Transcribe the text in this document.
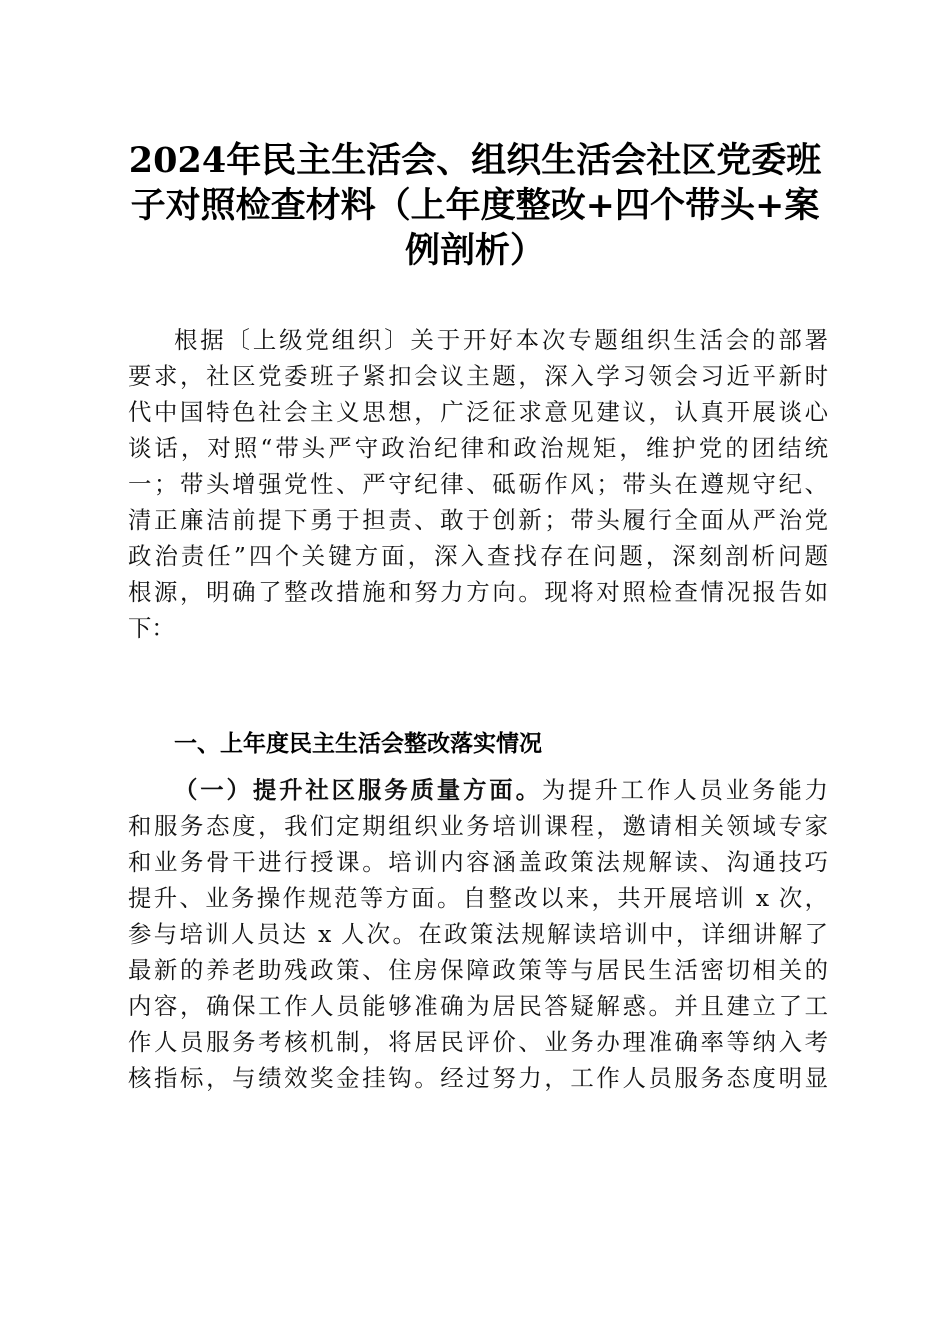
2024年民主生活会、组织生活会社区党委班
子对照检查材料（上年度整改+四个带头+案
例剖析）
根据〔上级党组织〕关于开好本次专题组织生活会的部署
要求，社区党委班子紧扣会议主题，深入学习领会习近平新时
代中国特色社会主义思想，广泛征求意见建议，认真开展谈心
谈话，对照“带头严守政治纪律和政治规矩，维护党的团结统
一；带头增强党性、严守纪律、砥砺作风；带头在遵规守纪、
清正廉洁前提下勇于担责、敢于创新；带头履行全面从严治党
政治责任”四个关键方面，深入查找存在问题，深刻剖析问题
根源，明确了整改措施和努力方向。现将对照检查情况报告如
下：
一、上年度民主生活会整改落实情况
（一）提升社区服务质量方面。为提升工作人员业务能力
和服务态度，我们定期组织业务培训课程，邀请相关领域专家
和业务骨干进行授课。培训内容涵盖政策法规解读、沟通技巧
提升、业务操作规范等方面。自整改以来，共开展培训 x 次，
参与培训人员达 x 人次。在政策法规解读培训中，详细讲解了
最新的养老助残政策、住房保障政策等与居民生活密切相关的
内容，确保工作人员能够准确为居民答疑解惑。并且建立了工
作人员服务考核机制，将居民评价、业务办理准确率等纳入考
核指标，与绩效奖金挂钩。经过努力，工作人员服务态度明显
